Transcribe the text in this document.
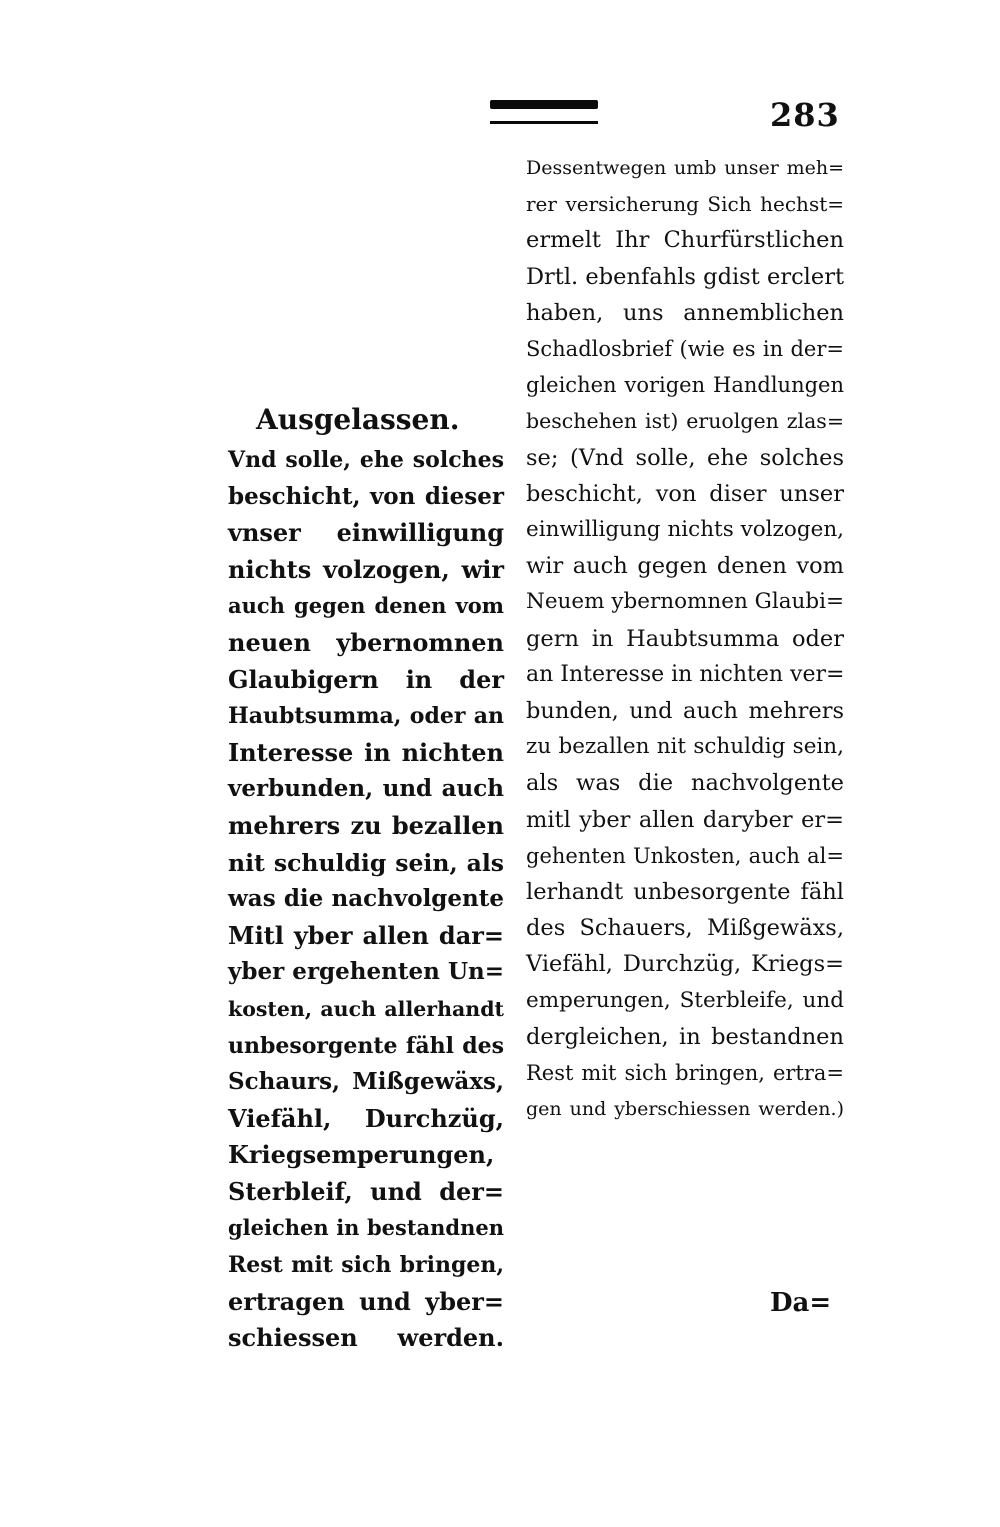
283
Ausgelassen.
Vnd solle, ehe solches
beschicht, von dieser
vnser einwilligung
nichts volzogen, wir
auch gegen denen vom
neuen ybernomnen
Glaubigern in der
Haubtsumma, oder an
Interesse in nichten
verbunden, und auch
mehrers zu bezallen
nit schuldig sein, als
was die nachvolgente
Mitl yber allen dar=
yber ergehenten Un=
kosten, auch allerhandt
unbesorgente fähl des
Schaurs, Mißgewäxs,
Viefähl, Durchzüg,
Kriegsemperungen,
Sterbleif, und der=
gleichen in bestandnen
Rest mit sich bringen,
ertragen und yber=
schiessen werden.
Dessentwegen umb unser meh=
rer versicherung Sich hechst=
ermelt Ihr Churfürstlichen
Drtl. ebenfahls gdist erclert
haben, uns annemblichen
Schadlosbrief (wie es in der=
gleichen vorigen Handlungen
beschehen ist) eruolgen zlas=
se; (Vnd solle, ehe solches
beschicht, von diser unser
einwilligung nichts volzogen,
wir auch gegen denen vom
Neuem ybernomnen Glaubi=
gern in Haubtsumma oder
an Interesse in nichten ver=
bunden, und auch mehrers
zu bezallen nit schuldig sein,
als was die nachvolgente
mitl yber allen daryber er=
gehenten Unkosten, auch al=
lerhandt unbesorgente fähl
des Schauers, Mißgewäxs,
Viefähl, Durchzüg, Kriegs=
emperungen, Sterbleife, und
dergleichen, in bestandnen
Rest mit sich bringen, ertra=
gen und yberschiessen werden.)
Da=
